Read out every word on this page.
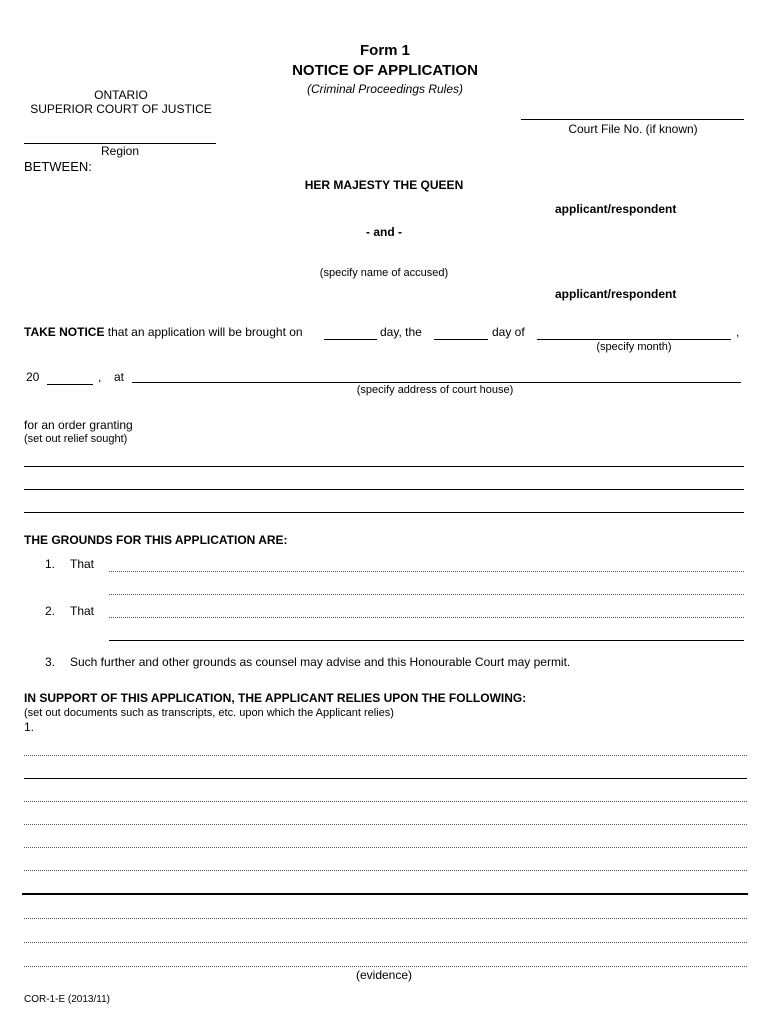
Form 1
NOTICE OF APPLICATION
(Criminal Proceedings Rules)
ONTARIO
SUPERIOR COURT OF JUSTICE
Court File No. (if known)
Region
BETWEEN:
HER MAJESTY THE QUEEN
applicant/respondent
- and -
(specify name of accused)
applicant/respondent
TAKE NOTICE that an application will be brought on	day, the	day of	,
(specify month)
20	, at
(specify address of court house)
for an order granting
(set out relief sought)
THE GROUNDS FOR THIS APPLICATION ARE:
1. That
2. That
3. Such further and other grounds as counsel may advise and this Honourable Court may permit.
IN SUPPORT OF THIS APPLICATION, THE APPLICANT RELIES UPON THE FOLLOWING:
(set out documents such as transcripts, etc. upon which the Applicant relies)
1.
(evidence)
COR-1-E (2013/11)
